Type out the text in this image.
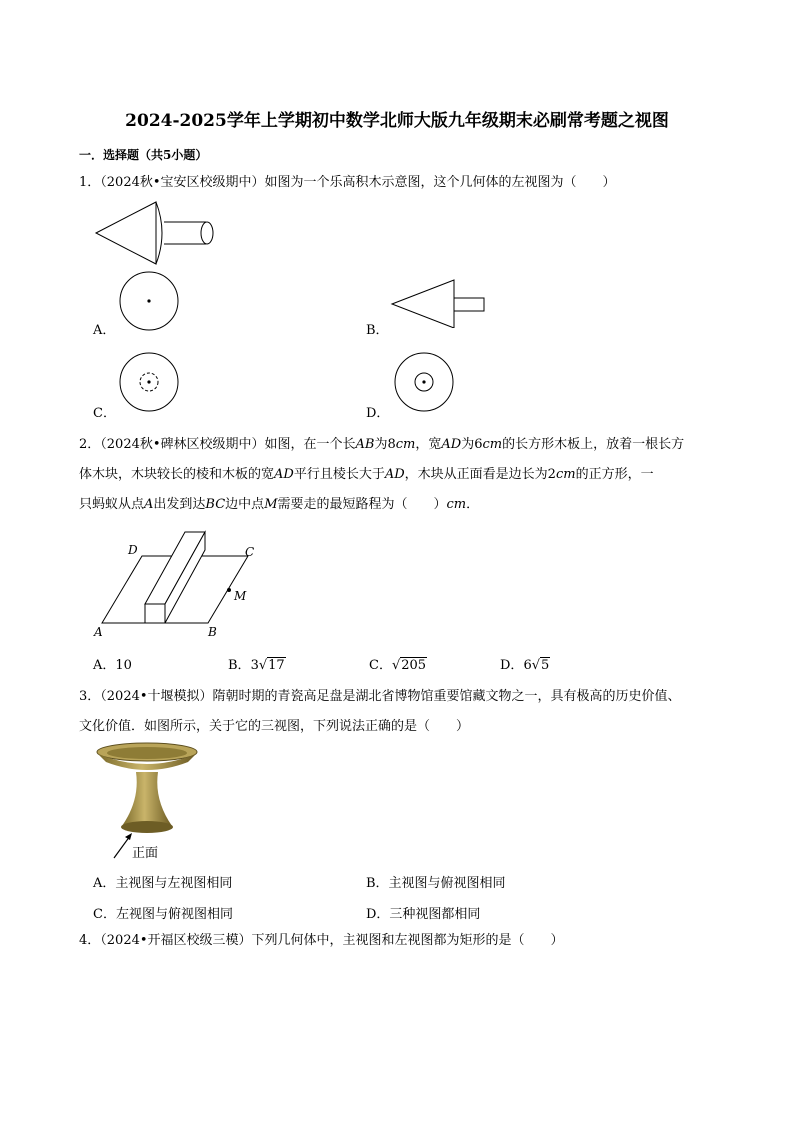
2024-2025学年上学期初中数学北师大版九年级期末必刷常考题之视图
一．选择题（共5小题）
1．（2024秋•宝安区校级期中）如图为一个乐高积木示意图，这个几何体的左视图为（　　）
A．	B．
C．	D．
2．（2024秋•碑林区校级期中）如图，在一个长AB为8cm，宽AD为6cm的长方形木板上，放着一根长方
体木块，木块较长的棱和木板的宽AD平行且棱长大于AD，木块从正面看是边长为2cm的正方形，一
只蚂蚁从点A出发到达BC边中点M需要走的最短路程为（　　）cm．
D	C
M
A	B
A．10	B．3√17	C．√205	D．6√5
3．（2024•十堰模拟）隋朝时期的青瓷高足盘是湖北省博物馆重要馆藏文物之一，具有极高的历史价值、
文化价值．如图所示，关于它的三视图，下列说法正确的是（　　）
正面
A．主视图与左视图相同	B．主视图与俯视图相同
C．左视图与俯视图相同	D．三种视图都相同
4．（2024•开福区校级三模）下列几何体中，主视图和左视图都为矩形的是（　　）
